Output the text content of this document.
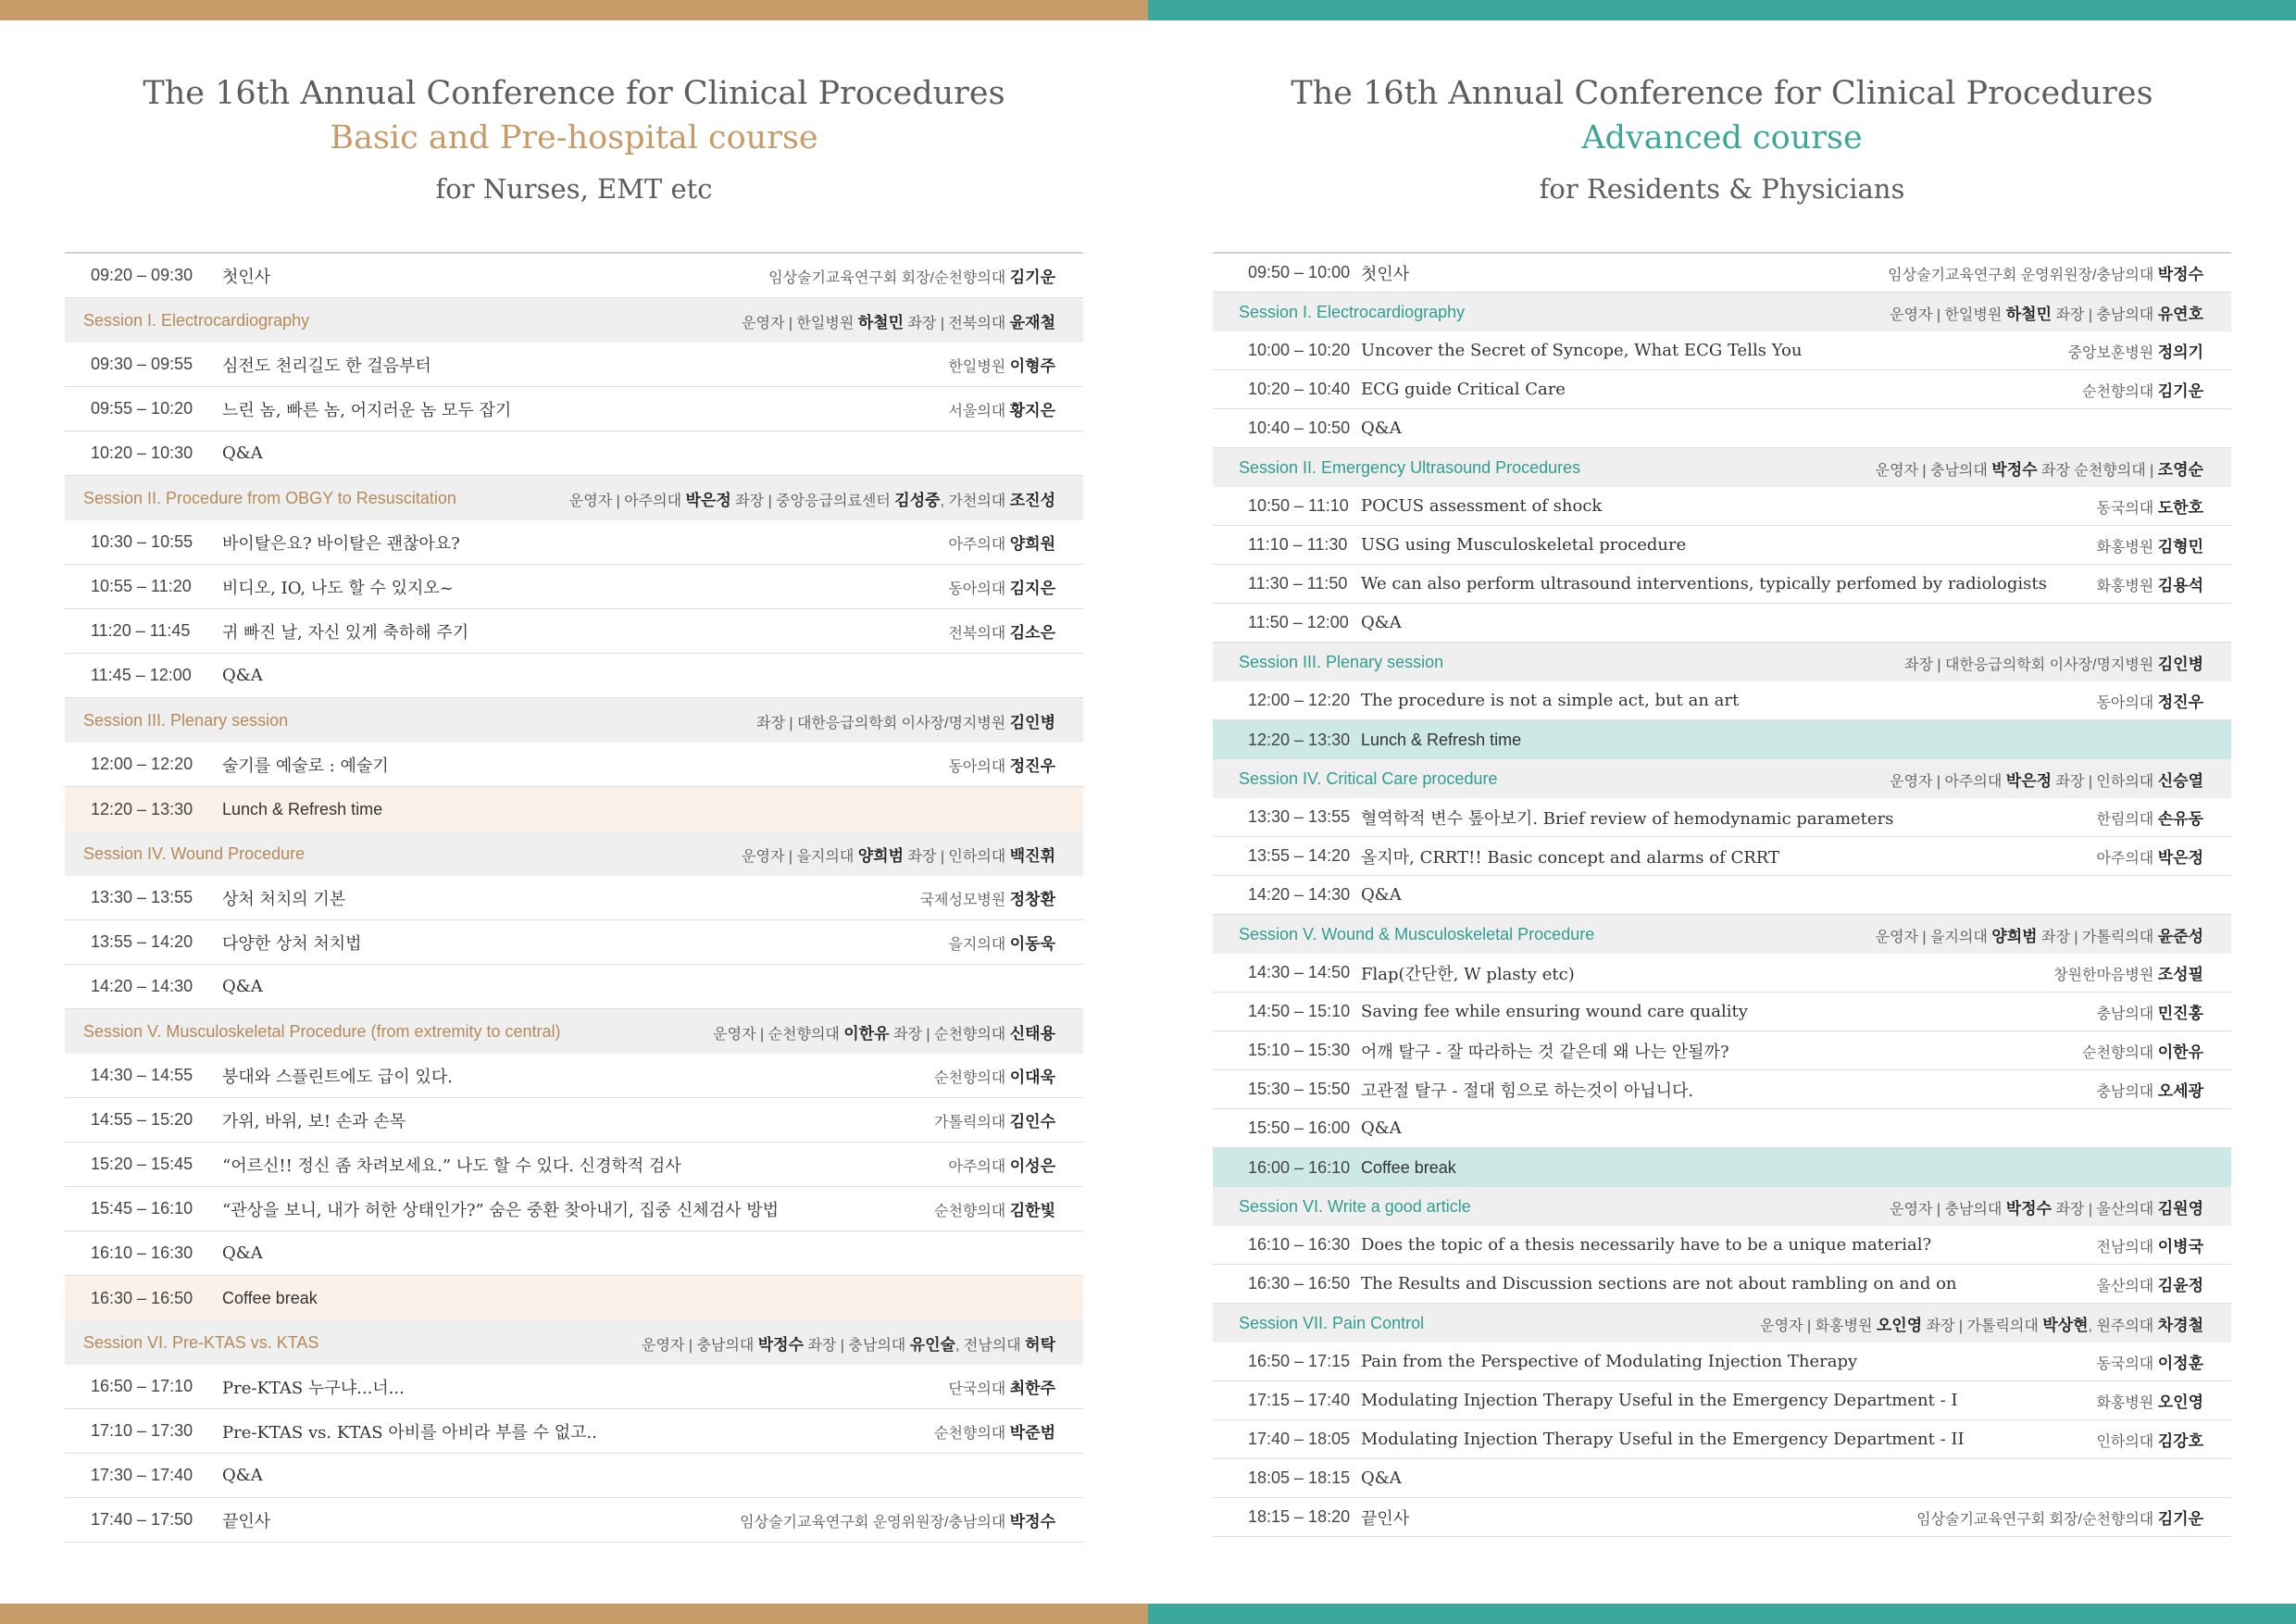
The 16th Annual Conference for Clinical Procedures
Basic and Pre-hospital course
for Nurses, EMT etc
09:20 – 09:30	첫인사	임상술기교육연구회 회장/순천향의대 김기운
Session I. Electrocardiography	운영자 | 한일병원 하철민 좌장 | 전북의대 윤재철
09:30 – 09:55	심전도 천리길도 한 걸음부터	한일병원 이형주
09:55 – 10:20	느린 놈, 빠른 놈, 어지러운 놈 모두 잡기	서울의대 황지은
10:20 – 10:30	Q&A
Session II. Procedure from OBGY to Resuscitation	운영자 | 아주의대 박은정 좌장 | 중앙응급의료센터 김성중, 가천의대 조진성
10:30 – 10:55	바이탈은요? 바이탈은 괜찮아요?	아주의대 양희원
10:55 – 11:20	비디오, IO, 나도 할 수 있지오~	동아의대 김지은
11:20 – 11:45	귀 빠진 날, 자신 있게 축하해 주기	전북의대 김소은
11:45 – 12:00	Q&A
Session III. Plenary session	좌장 | 대한응급의학회 이사장/명지병원 김인병
12:00 – 12:20	술기를 예술로 : 예술기	동아의대 정진우
12:20 – 13:30	Lunch & Refresh time
Session IV. Wound Procedure	운영자 | 을지의대 양희범 좌장 | 인하의대 백진휘
13:30 – 13:55	상처 처치의 기본	국제성모병원 정창환
13:55 – 14:20	다양한 상처 처치법	을지의대 이동욱
14:20 – 14:30	Q&A
Session V. Musculoskeletal Procedure (from extremity to central)	운영자 | 순천향의대 이한유 좌장 | 순천향의대 신태용
14:30 – 14:55	붕대와 스플린트에도 급이 있다.	순천향의대 이대욱
14:55 – 15:20	가위, 바위, 보! 손과 손목	가톨릭의대 김인수
15:20 – 15:45	“어르신!! 정신 좀 차려보세요.” 나도 할 수 있다. 신경학적 검사	아주의대 이성은
15:45 – 16:10	“관상을 보니, 내가 허한 상태인가?” 숨은 중환 찾아내기, 집중 신체검사 방법	순천향의대 김한빛
16:10 – 16:30	Q&A
16:30 – 16:50	Coffee break
Session VI. Pre-KTAS vs. KTAS	운영자 | 충남의대 박정수 좌장 | 충남의대 유인술, 전남의대 허탁
16:50 – 17:10	Pre-KTAS 누구냐...너...	단국의대 최한주
17:10 – 17:30	Pre-KTAS vs. KTAS 아비를 아비라 부를 수 없고..	순천향의대 박준범
17:30 – 17:40	Q&A
17:40 – 17:50	끝인사	임상술기교육연구회 운영위원장/충남의대 박정수
The 16th Annual Conference for Clinical Procedures
Advanced course
for Residents & Physicians
09:50 – 10:00 첫인사	임상술기교육연구회 운영위원장/충남의대 박정수
Session I. Electrocardiography	운영자 | 한일병원 하철민 좌장 | 충남의대 유연호
10:00 – 10:20 Uncover the Secret of Syncope, What ECG Tells You	중앙보훈병원 정의기
10:20 – 10:40 ECG guide Critical Care	순천향의대 김기운
10:40 – 10:50 Q&A
Session II. Emergency Ultrasound Procedures	운영자 | 충남의대 박정수 좌장 순천향의대 | 조영순
10:50 – 11:10 POCUS assessment of shock	동국의대 도한호
11:10 – 11:30 USG using Musculoskeletal procedure	화홍병원 김형민
11:30 – 11:50 We can also perform ultrasound interventions, typically perfomed by radiologists	화홍병원 김용석
11:50 – 12:00 Q&A
Session III. Plenary session	좌장 | 대한응급의학회 이사장/명지병원 김인병
12:00 – 12:20 The procedure is not a simple act, but an art	동아의대 정진우
12:20 – 13:30 Lunch & Refresh time
Session IV. Critical Care procedure	운영자 | 아주의대 박은정 좌장 | 인하의대 신승열
13:30 – 13:55 혈역학적 변수 톺아보기. Brief review of hemodynamic parameters	한림의대 손유동
13:55 – 14:20 올지마, CRRT!! Basic concept and alarms of CRRT	아주의대 박은정
14:20 – 14:30 Q&A
Session V. Wound & Musculoskeletal Procedure	운영자 | 을지의대 양희범 좌장 | 가톨릭의대 윤준성
14:30 – 14:50 Flap(간단한, W plasty etc)	창원한마음병원 조성필
14:50 – 15:10 Saving fee while ensuring wound care quality	충남의대 민진홍
15:10 – 15:30 어깨 탈구 - 잘 따라하는 것 같은데 왜 나는 안될까?	순천향의대 이한유
15:30 – 15:50 고관절 탈구 - 절대 힘으로 하는것이 아닙니다.	충남의대 오세광
15:50 – 16:00 Q&A
16:00 – 16:10 Coffee break
Session VI. Write a good article	운영자 | 충남의대 박정수 좌장 | 울산의대 김원영
16:10 – 16:30 Does the topic of a thesis necessarily have to be a unique material?	전남의대 이병국
16:30 – 16:50 The Results and Discussion sections are not about rambling on and on	울산의대 김윤정
Session VII. Pain Control	운영자 | 화홍병원 오인영 좌장 | 가톨릭의대 박상현, 원주의대 차경철
16:50 – 17:15 Pain from the Perspective of Modulating Injection Therapy	동국의대 이정훈
17:15 – 17:40 Modulating Injection Therapy Useful in the Emergency Department - I	화홍병원 오인영
17:40 – 18:05 Modulating Injection Therapy Useful in the Emergency Department - II	인하의대 김강호
18:05 – 18:15 Q&A
18:15 – 18:20 끝인사	임상술기교육연구회 회장/순천향의대 김기운
